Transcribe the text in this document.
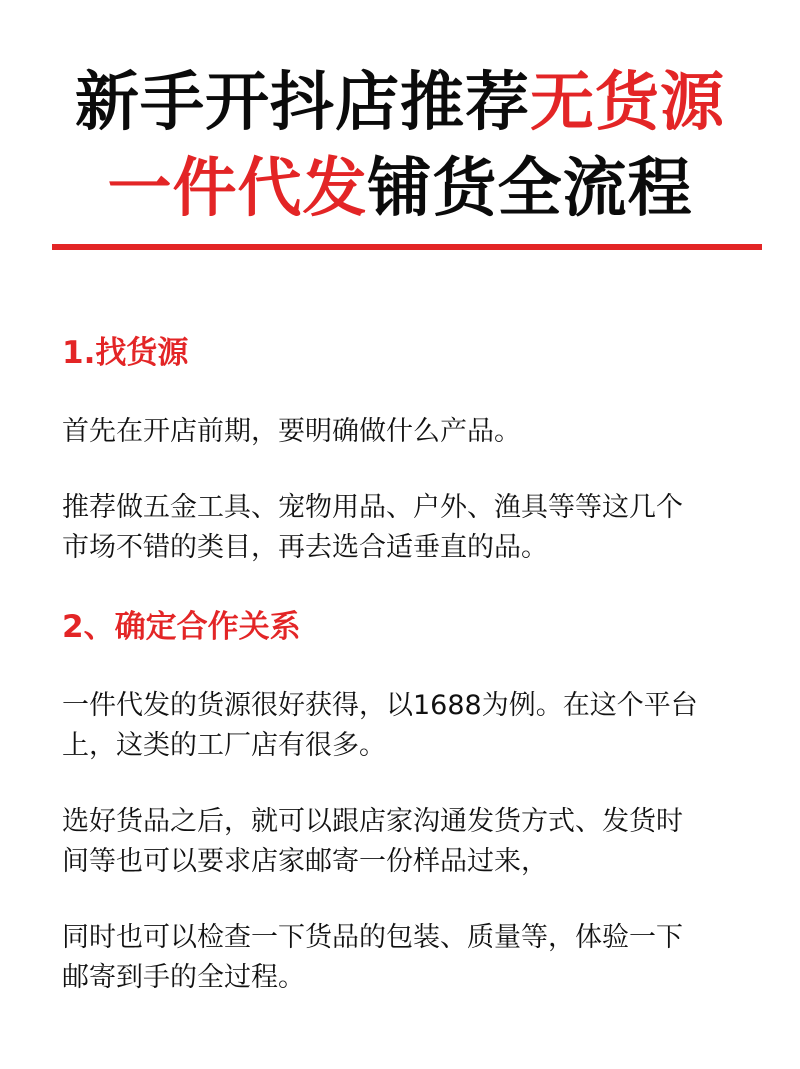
新手开抖店推荐无货源
一件代发铺货全流程
1.找货源

首先在开店前期，要明确做什么产品。

推荐做五金工具、宠物用品、户外、渔具等等这几个

市场不错的类目，再去选合适垂直的品。

2、确定合作关系

一件代发的货源很好获得，以1688为例。在这个平台

上，这类的工厂店有很多。

选好货品之后，就可以跟店家沟通发货方式、发货时

间等也可以要求店家邮寄一份样品过来，

同时也可以检查一下货品的包装、质量等，体验一下

邮寄到手的全过程。
